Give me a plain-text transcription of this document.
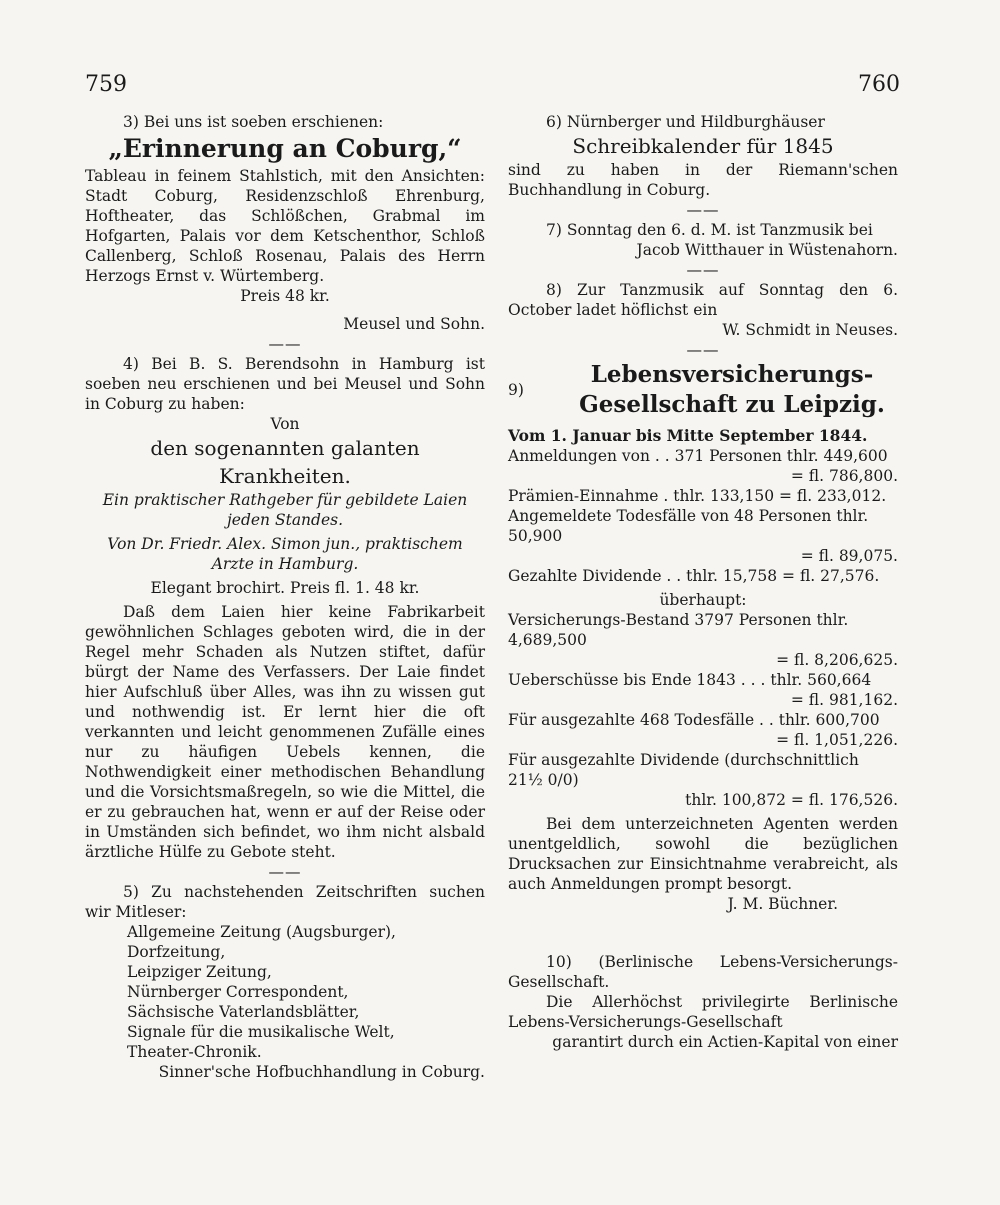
759	760

3) Bei uns ist soeben erschienen:

„Erinnerung an Coburg,“

Tableau in feinem Stahlstich, mit den Ansichten: Stadt Coburg, Residenzschloß Ehrenburg, Hoftheater, das Schlößchen, Grabmal im Hofgarten, Palais vor dem Ketschenthor, Schloß Callenberg, Schloß Rosenau, Palais des Herrn Herzogs Ernst v. Würtemberg.

Preis 48 kr.

Meusel und Sohn.

——

4) Bei B. S. Berendsohn in Hamburg ist soeben neu erschienen und bei Meusel und Sohn in Coburg zu haben:

Von

den sogenannten galanten Krankheiten.

Ein praktischer Rathgeber für gebildete Laien jeden Standes.

Von Dr. Friedr. Alex. Simon jun., praktischem Arzte in Hamburg.

Elegant brochirt. Preis fl. 1. 48 kr.

Daß dem Laien hier keine Fabrikarbeit gewöhnlichen Schlages geboten wird, die in der Regel mehr Schaden als Nutzen stiftet, dafür bürgt der Name des Verfassers. Der Laie findet hier Aufschluß über Alles, was ihn zu wissen gut und nothwendig ist. Er lernt hier die oft verkannten und leicht genommenen Zufälle eines nur zu häufigen Uebels kennen, die Nothwendigkeit einer methodischen Behandlung und die Vorsichtsmaßregeln, so wie die Mittel, die er zu gebrauchen hat, wenn er auf der Reise oder in Umständen sich befindet, wo ihm nicht alsbald ärztliche Hülfe zu Gebote steht.

——

5) Zu nachstehenden Zeitschriften suchen wir Mitleser:

Allgemeine Zeitung (Augsburger),

Dorfzeitung,

Leipziger Zeitung,

Nürnberger Correspondent,

Sächsische Vaterlandsblätter,

Signale für die musikalische Welt,

Theater-Chronik.

Sinner'sche Hofbuchhandlung in Coburg.

6) Nürnberger und Hildburghäuser

Schreibkalender für 1845

sind zu haben in der Riemann'schen Buchhandlung in Coburg.

——

7) Sonntag den 6. d. M. ist Tanzmusik bei

Jacob Witthauer in Wüstenahorn.

——

8) Zur Tanzmusik auf Sonntag den 6. October ladet höflichst ein

W. Schmidt in Neuses.

——

9)
Lebensversicherungs-Gesellschaft zu Leipzig.

Vom 1. Januar bis Mitte September 1844.

Anmeldungen von . . 371 Personen thlr. 449,600

= fl. 786,800.

Prämien-Einnahme . thlr. 133,150 = fl. 233,012.

Angemeldete Todesfälle von 48 Personen thlr. 50,900

= fl. 89,075.

Gezahlte Dividende . . thlr. 15,758 = fl. 27,576.

überhaupt:

Versicherungs-Bestand 3797 Personen thlr. 4,689,500

= fl. 8,206,625.

Ueberschüsse bis Ende 1843 . . . thlr. 560,664

= fl. 981,162.

Für ausgezahlte 468 Todesfälle . . thlr. 600,700

= fl. 1,051,226.

Für ausgezahlte Dividende (durchschnittlich 21½ 0/0)

thlr. 100,872 = fl. 176,526.

Bei dem unterzeichneten Agenten werden unentgeldlich, sowohl die bezüglichen Drucksachen zur Einsichtnahme verabreicht, als auch Anmeldungen prompt besorgt.

J. M. Büchner.

10) (Berlinische Lebens-Versicherungs-Gesellschaft.

Die Allerhöchst privilegirte Berlinische Lebens-Versicherungs-Gesellschaft

garantirt durch ein Actien-Kapital von einer
